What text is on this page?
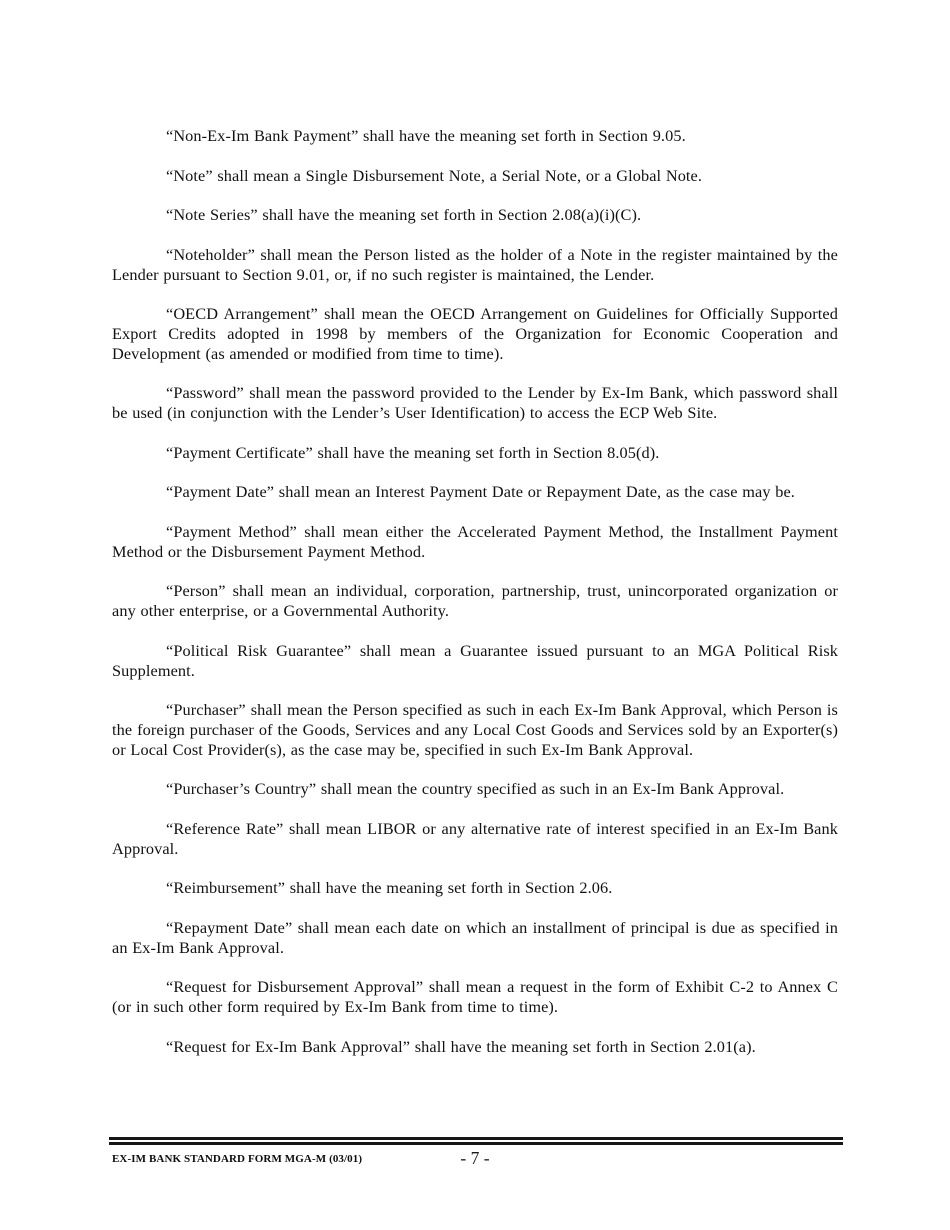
“Non-Ex-Im Bank Payment” shall have the meaning set forth in Section 9.05.

“Note” shall mean a Single Disbursement Note, a Serial Note, or a Global Note.

“Note Series” shall have the meaning set forth in Section 2.08(a)(i)(C).

“Noteholder” shall mean the Person listed as the holder of a Note in the register maintained by the Lender pursuant to Section 9.01, or, if no such register is maintained, the Lender.

“OECD Arrangement” shall mean the OECD Arrangement on Guidelines for Officially Supported Export Credits adopted in 1998 by members of the Organization for Economic Cooperation and Development (as amended or modified from time to time).

“Password” shall mean the password provided to the Lender by Ex-Im Bank, which password shall be used (in conjunction with the Lender’s User Identification) to access the ECP Web Site.

“Payment Certificate” shall have the meaning set forth in Section 8.05(d).

“Payment Date” shall mean an Interest Payment Date or Repayment Date, as the case may be.

“Payment Method” shall mean either the Accelerated Payment Method, the Installment Payment Method or the Disbursement Payment Method.

“Person” shall mean an individual, corporation, partnership, trust, unincorporated organization or any other enterprise, or a Governmental Authority.

“Political Risk Guarantee” shall mean a Guarantee issued pursuant to an MGA Political Risk Supplement.

“Purchaser” shall mean the Person specified as such in each Ex-Im Bank Approval, which Person is the foreign purchaser of the Goods, Services and any Local Cost Goods and Services sold by an Exporter(s) or Local Cost Provider(s), as the case may be, specified in such Ex-Im Bank Approval.

“Purchaser’s Country” shall mean the country specified as such in an Ex-Im Bank Approval.

“Reference Rate” shall mean LIBOR or any alternative rate of interest specified in an Ex-Im Bank Approval.

“Reimbursement” shall have the meaning set forth in Section 2.06.

“Repayment Date” shall mean each date on which an installment of principal is due as specified in an Ex-Im Bank Approval.

“Request for Disbursement Approval” shall mean a request in the form of Exhibit C-2 to Annex C (or in such other form required by Ex-Im Bank from time to time).

“Request for Ex-Im Bank Approval” shall have the meaning set forth in Section 2.01(a).

EX-IM BANK STANDARD FORM MGA-M (03/01)	- 7 -
